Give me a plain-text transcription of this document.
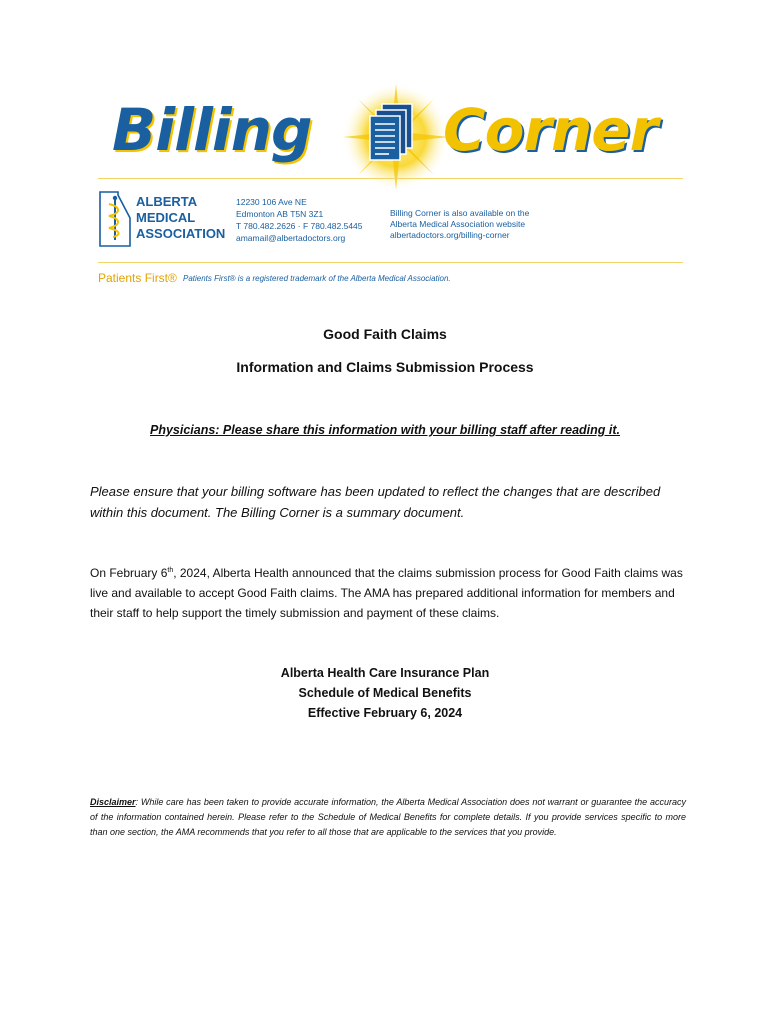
Billing Corner
ALBERTA
MEDICAL
ASSOCIATION
12230 106 Ave NE
Edmonton AB T5N 3Z1
T 780.482.2626 · F 780.482.5445
amamail@albertadoctors.org
Billing Corner is also available on the
Alberta Medical Association website
albertadoctors.org/billing-corner
Patients First® Patients First® is a registered trademark of the Alberta Medical Association.
Good Faith Claims
Information and Claims Submission Process
Physicians: Please share this information with your billing staff after reading it.
Please ensure that your billing software has been updated to reflect the changes that are described within this document. The Billing Corner is a summary document.
On February 6th, 2024, Alberta Health announced that the claims submission process for Good Faith claims was live and available to accept Good Faith claims. The AMA has prepared additional information for members and their staff to help support the timely submission and payment of these claims.
Alberta Health Care Insurance Plan
Schedule of Medical Benefits
Effective February 6, 2024
Disclaimer: While care has been taken to provide accurate information, the Alberta Medical Association does not warrant or guarantee the accuracy of the information contained herein. Please refer to the Schedule of Medical Benefits for complete details. If you provide services specific to more than one section, the AMA recommends that you refer to all those that are applicable to the services that you provide.
